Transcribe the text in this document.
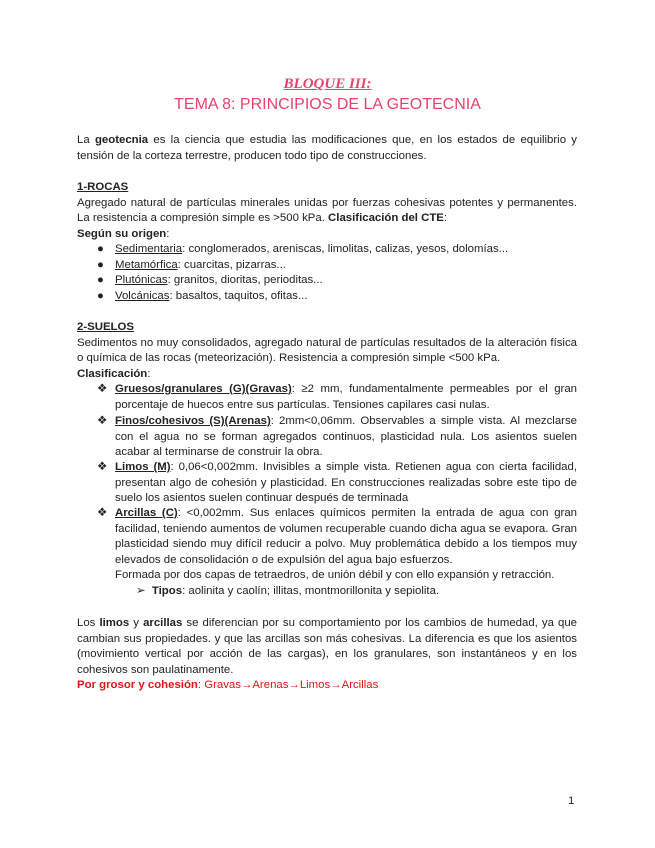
BLOQUE III:
TEMA 8: PRINCIPIOS DE LA GEOTECNIA
La geotecnia es la ciencia que estudia las modificaciones que, en los estados de equilibrio y tensión de la corteza terrestre, producen todo tipo de construcciones.
1-ROCAS
Agregado natural de partículas minerales unidas por fuerzas cohesivas potentes y permanentes. La resistencia a compresión simple es >500 kPa. Clasificación del CTE:
Según su origen:
● Sedimentaria: conglomerados, areniscas, limolitas, calizas, yesos, dolomías...
● Metamórfica: cuarcitas, pizarras...
● Plutónicas: granitos, dioritas, perioditas...
● Volcánicas: basaltos, taquitos, ofitas...
2-SUELOS
Sedimentos no muy consolidados, agregado natural de partículas resultados de la alteración física o química de las rocas (meteorización). Resistencia a compresión simple <500 kPa.
Clasificación:
❖ Gruesos/granulares (G)(Gravas): ≥2 mm, fundamentalmente permeables por el gran porcentaje de huecos entre sus partículas. Tensiones capilares casi nulas.
❖ Finos/cohesivos (S)(Arenas): 2mm<0,06mm. Observables a simple vista. Al mezclarse con el agua no se forman agregados continuos, plasticidad nula. Los asientos suelen acabar al terminarse de construir la obra.
❖ Limos (M): 0,06<0,002mm. Invisibles a simple vista. Retienen agua con cierta facilidad, presentan algo de cohesión y plasticidad. En construcciones realizadas sobre este tipo de suelo los asientos suelen continuar después de terminada
❖ Arcillas (C): <0,002mm. Sus enlaces químicos permiten la entrada de agua con gran facilidad, teniendo aumentos de volumen recuperable cuando dicha agua se evapora. Gran plasticidad siendo muy difícil reducir a polvo. Muy problemática debido a los tiempos muy elevados de consolidación o de expulsión del agua bajo esfuerzos.
Formada por dos capas de tetraedros, de unión débil y con ello expansión y retracción.
➢ Tipos: aolinita y caolín; illitas, montmorillonita y sepiolita.
Los limos y arcillas se diferencian por su comportamiento por los cambios de humedad, ya que cambian sus propiedades. y que las arcillas son más cohesivas. La diferencia es que los asientos (movimiento vertical por acción de las cargas), en los granulares, son instantáneos y en los cohesivos son paulatinamente.
Por grosor y cohesión: Gravas→Arenas→Limos→Arcillas
1
